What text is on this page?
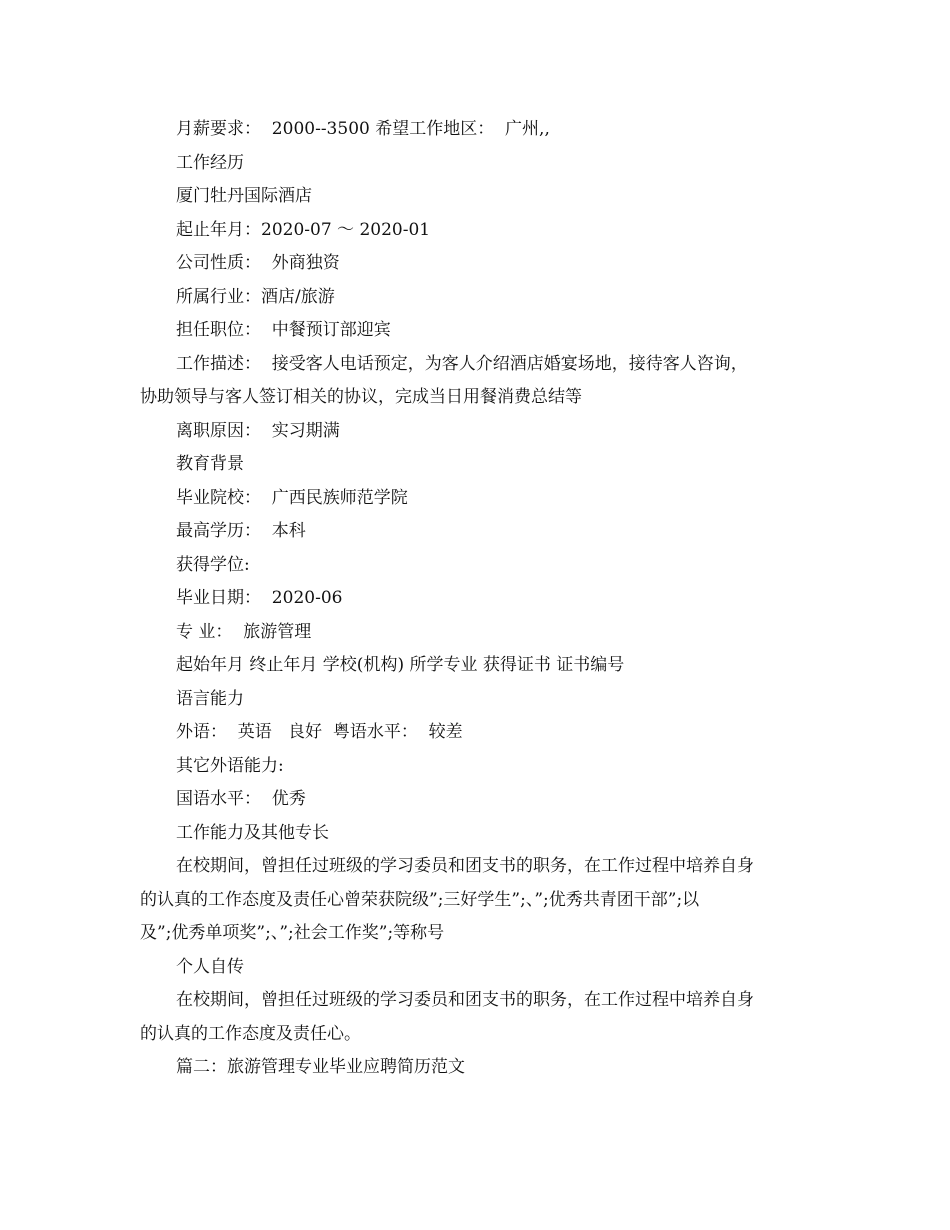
月薪要求：  2000--3500 希望工作地区：  广州,,
工作经历
厦门牡丹国际酒店
起止年月：2020-07 ～ 2020-01
公司性质：  外商独资
所属行业：酒店/旅游
担任职位：  中餐预订部迎宾
工作描述：  接受客人电话预定，为客人介绍酒店婚宴场地，接待客人咨询，
协助领导与客人签订相关的协议，完成当日用餐消费总结等
离职原因：  实习期满
教育背景
毕业院校：  广西民族师范学院
最高学历：  本科
获得学位:
毕业日期：  2020-06
专 业：  旅游管理
起始年月 终止年月 学校(机构) 所学专业 获得证书 证书编号
语言能力
外语：  英语   良好  粤语水平：  较差
其它外语能力:
国语水平：  优秀
工作能力及其他专长
在校期间，曾担任过班级的学习委员和团支书的职务，在工作过程中培养自身
的认真的工作态度及责任心曾荣获院级”;三好学生”;、”;优秀共青团干部”;以
及”;优秀单项奖”;、”;社会工作奖”;等称号
个人自传
在校期间，曾担任过班级的学习委员和团支书的职务，在工作过程中培养自身
的认真的工作态度及责任心。
篇二：旅游管理专业毕业应聘简历范文
